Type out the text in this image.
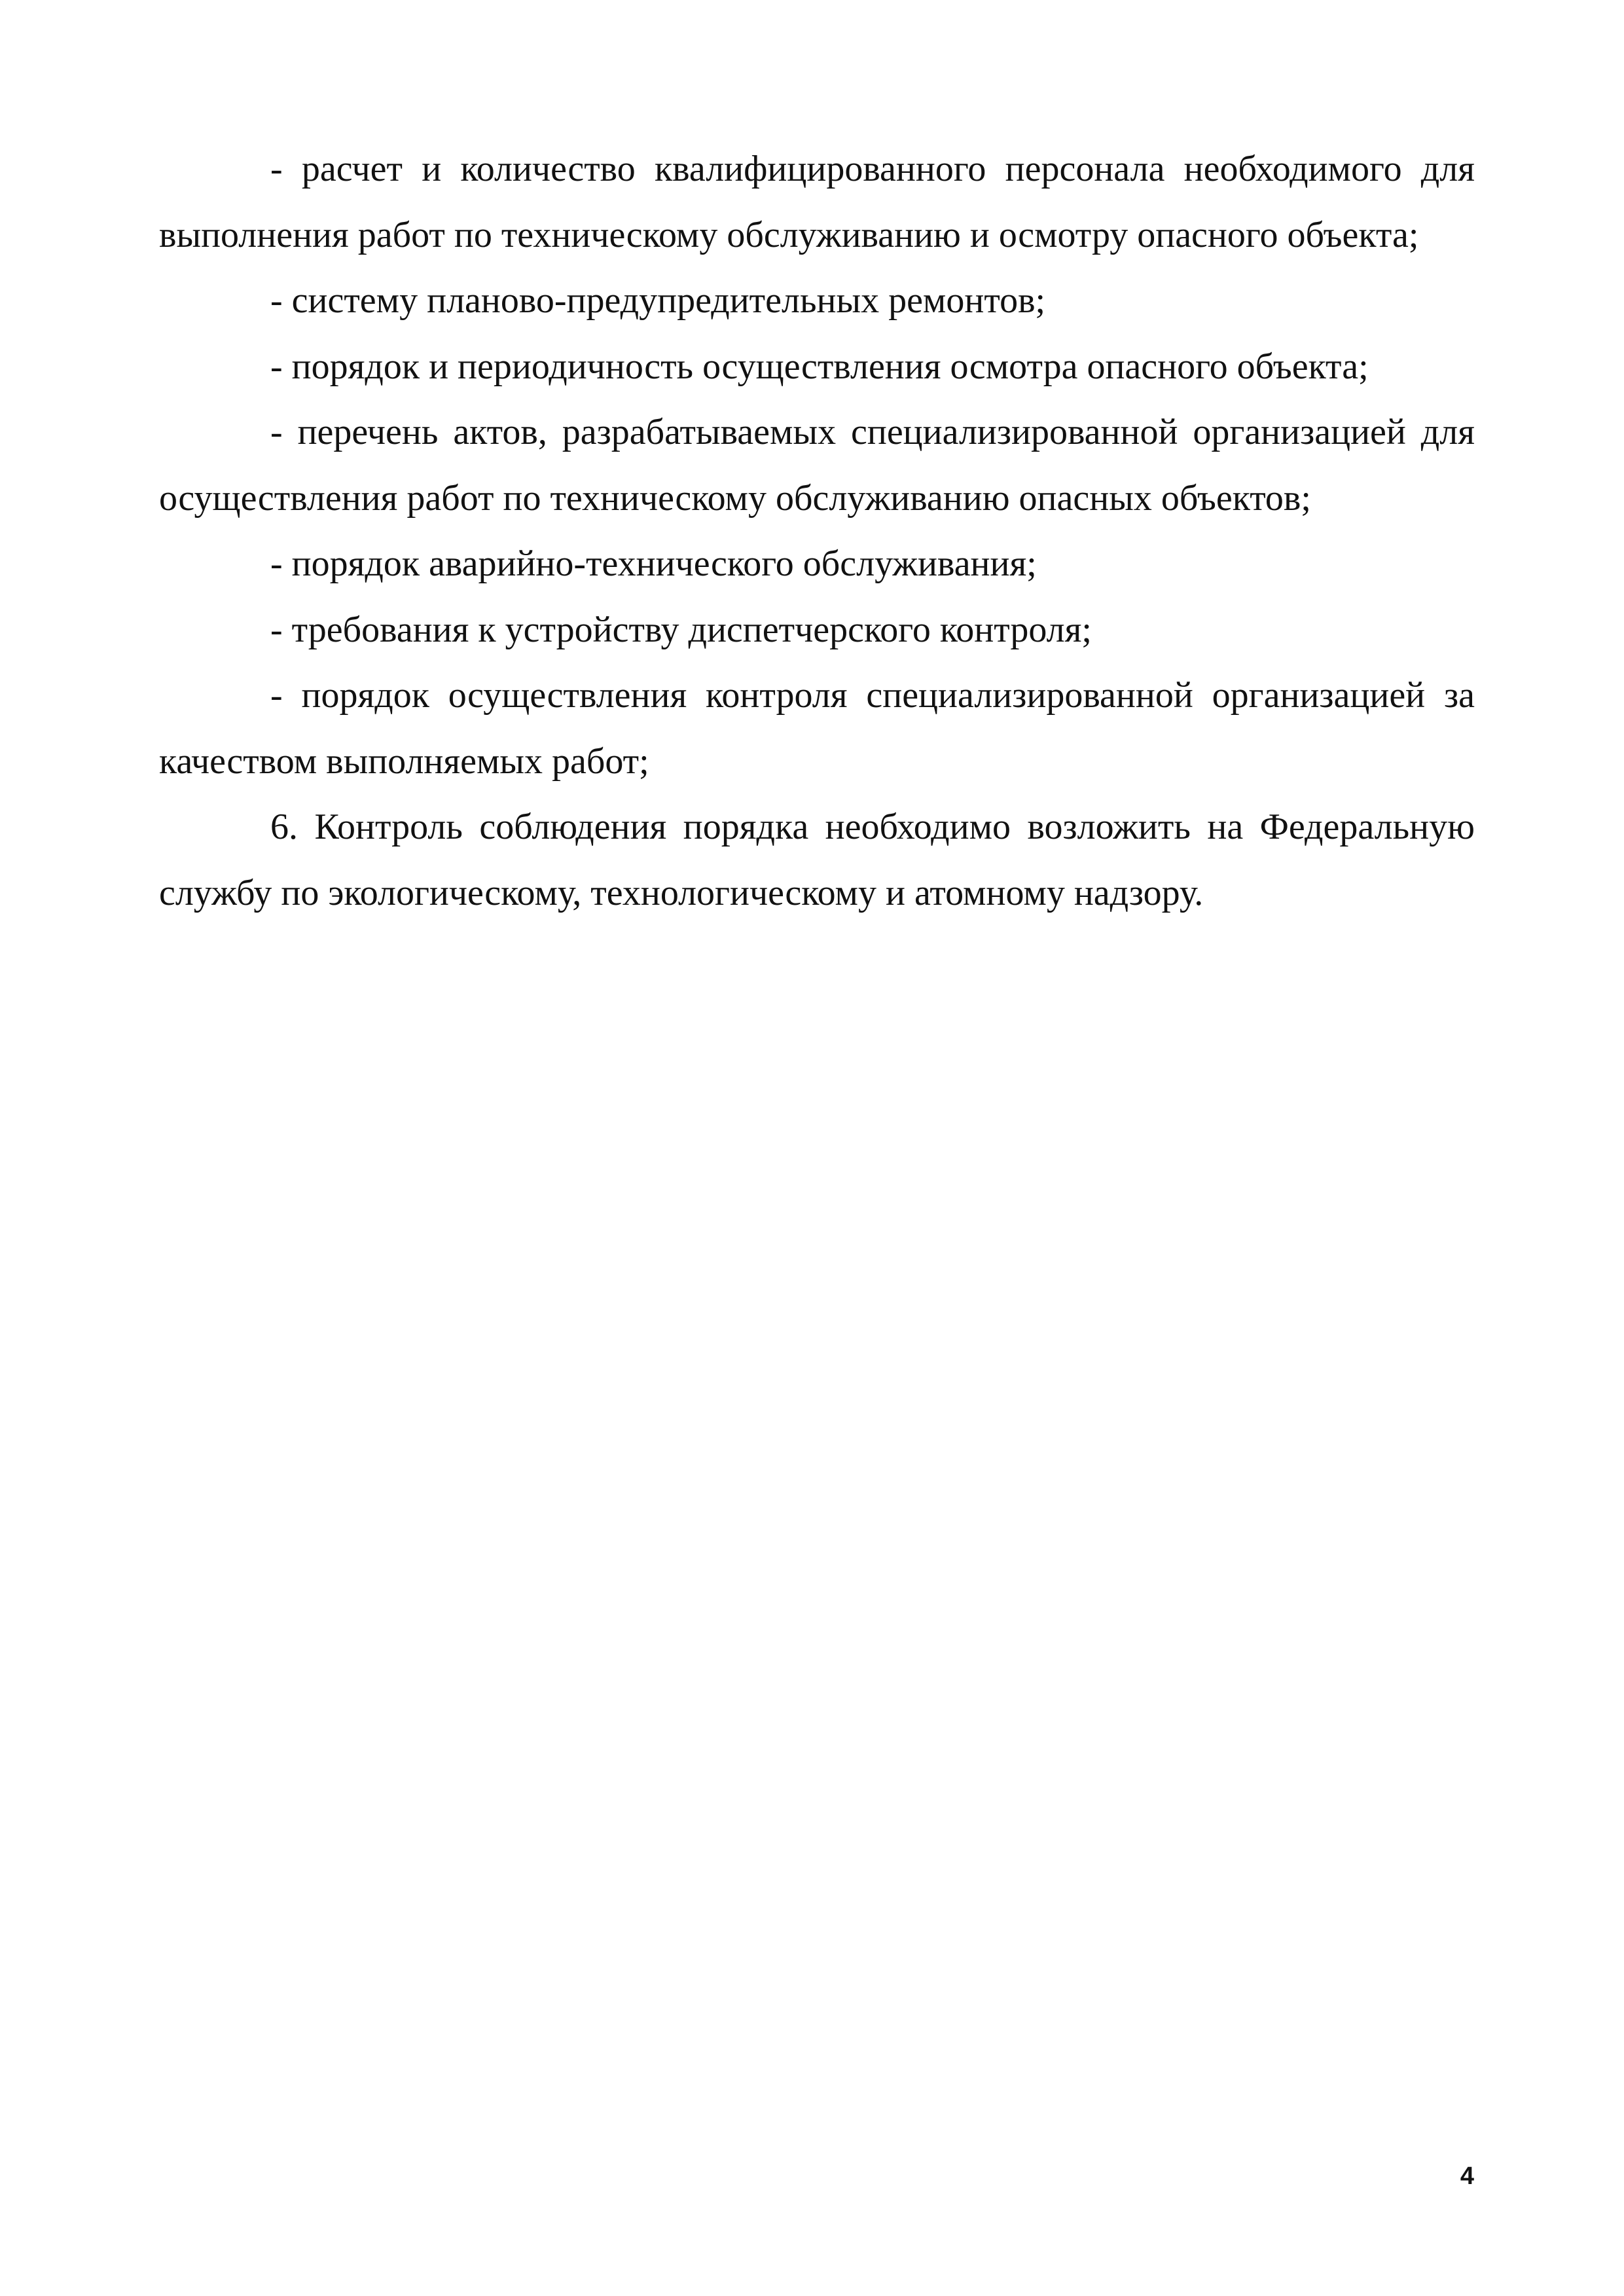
- расчет и количество квалифицированного персонала необходимого для выполнения работ по техническому обслуживанию и осмотру опасного объекта;

- систему планово-предупредительных ремонтов;

- порядок и периодичность осуществления осмотра опасного объекта;

- перечень актов, разрабатываемых специализированной организацией для осуществления работ по техническому обслуживанию опасных объектов;

- порядок аварийно-технического обслуживания;

- требования к устройству диспетчерского контроля;

- порядок осуществления контроля специализированной организацией за качеством выполняемых работ;

6. Контроль соблюдения порядка необходимо возложить на Федеральную службу по экологическому, технологическому и атомному надзору.

4
